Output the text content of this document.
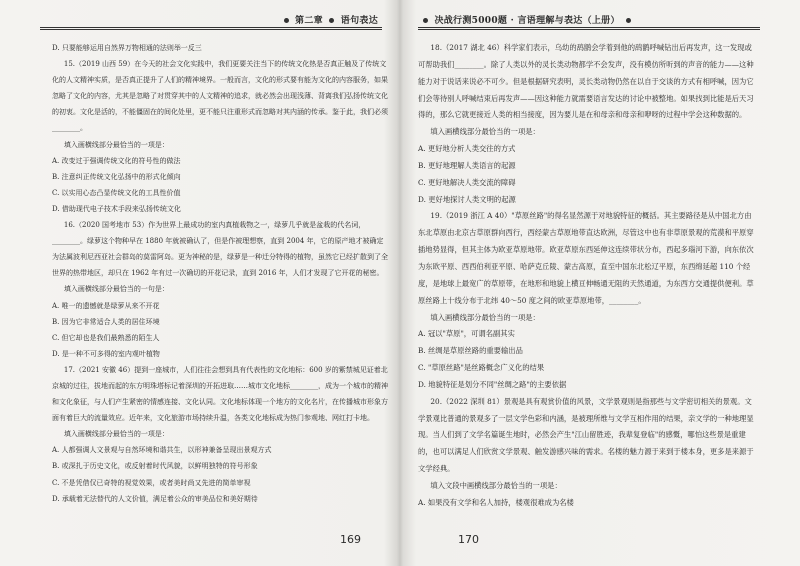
第二章 语句表达

D. 只要能够运用自然界万物相通的法则举一反三

15.（2019 山西 59）在今天的社会文化实践中，我们更要关注当下的传统文化热是否真正触及了传统文化的人文精神实质，是否真正提升了人们的精神境界。一般而言，文化的形式要有能为文化的内容服务，如果忽略了文化的内容，尤其是忽略了对贯穿其中的人文精神的追求，就必然会出现浅薄、背离我们弘扬传统文化的初衷。文化是活的，不能僵固在的间化处里，更不能只注重形式而忽略对其内涵的传承。鉴于此，我们必须________。

填入画横线部分最恰当的一项是：

A. 改变过于强调传统文化的符号性的做法

B. 注意纠正传统文化弘扬中的形式化倾向

C. 以实用心态凸显传统文化的工具性价值

D. 借助现代电子技术手段来弘扬传统文化

16.（2020 国考地市 53）作为世界上最成功的室内真植栽物之一，绿萝几乎就是盆栽的代名词，________。绿萝这个物种早在 1880 年就被确认了，但是作被理想察，直到 2004 年，它的原产地才被确定为法属波利尼西亚社会群岛的莫雷阿岛。更为神秘的是，绿萝是一种迁分特得的植物，虽然它已经扩散到了全世界的热带地区，却只在 1962 年有过一次确切的开花记录，直到 2016 年，人们才发现了它开花的秘密。

填入画横线部分最恰当的一句是：

A. 唯一的遗憾就是绿萝从来不开花

B. 因为它非常适合人类的居住环境

C. 但它却也是我们最熟悉的陌生人

D. 是一种不可多得的室内观叶植物

17.（2021 安徽 46）提到一座城市，人们往往会想到具有代表性的文化地标：600 岁的紫禁城见证着北京城的过往，拔地而起的东方明珠塔标记着深圳的开拓进取……城市文化地标________，成为一个城市的精神和文化象征，与人们产生紧密的情感连接、文化认同。文化地标体现一个地方的文化名片，在传播城市形象方面有着巨大的流量效应。近年来，文化旅游市场持续升温，各类文化地标成为热门参观地、网红打卡地。

填入画横线部分最恰当的一项是：

A. 人都强调人文景观与自然环境和谐共生，以形神兼备呈现出景观方式

B. 或深扎于历史文化，或反射着时代风貌，以鲜明独特的符号形象

C. 不是凭借仅已奇特的视觉效果，或者美时尚又先进的简单审视

D. 承载着无法替代的人文价值，满足着公众的审美品位和美好期待

169
决战行测5000题 · 言语理解与表达（上册）

18.（2017 湖北 46）科学家们表示，乌幼的鸹鹠会学着到他的鸹鹠呼喊钻出后再发声，这一发现或可帮助我们________。除了人类以外的灵长类动物都学不会发声，没有模仿所听到的声音的能力——这种能力对于说话来说必不可少。但是根据研究表明，灵长类动物仍然在以自于交谈的方式有相呼喊，因为它们会等待别人呼喊结束后再发声——因这种能力就需要语言发达的讨论中被整地。如果找到比能是后天习得的，那么它就更接近人类的相当接度，因为要儿是在和母亲和母亲和咿呀的过程中学会这种数据的。

填入画横线部分最恰当的一项是：

A. 更好地分析人类交往的方式

B. 更好地理解人类语言的起源

C. 更好地解决人类交流的障碍

D. 更好地探讨人类文明的起源

19.（2019 浙江 A 40）"草原丝路"的得名显然源于对地貌特征的概括。其主要路径是从中国北方由东北草原由北京古草原群向西行，西经蒙古草原地带直达欧洲，尽管这中也有非草原景观的荒漠和平原穿插地势显得，但其主体为欧亚草原地带。欧亚草原东西延伸这连续带状分布，西起多瑙河下游，向东依次为东欧平原、西西伯利亚平原、哈萨克丘陵、蒙古高原，直至中国东北松辽平原，东西绵延超 110 个经度，是地球上最宽广的草原带，在地形和地貌上横亘伸畅通无阻的天然通道，为东西方交通提供便利。草原丝路上十线分布于北纬 40～50 度之间的欧亚草原地带，________。

填入画横线部分最恰当的一项是：

A. 冠以"草原"，可谓名副其实

B. 丝绸是草原丝路的重要输出品

C. "草原丝路"是丝路概念广义化的结果

D. 地貌特征是划分不同"丝绸之路"的主要依据

20.（2022 深圳 81）景观是具有观赏价值的风景，文学景观则是指那些与文学密切相关的景观。文学景观比普通的景观多了一层文学色彩和内涵，是被理所维与文学互相作用的结果，亲文学的一种地理显现。当人们到了文学名篇诞生地时，必然会产生"江山留胜迹，我辈复登临"的感慨，哪怕这些景是重建的，也可以满足人们欣赏文学景观、触发游感兴味的需求。名楼的魅力源于来到于楼本身，更多是来源于文学经典。

填入文段中画横线部分最恰当的一项是：

A. 如果没有文学和名人加持，楼观很难成为名楼

170
